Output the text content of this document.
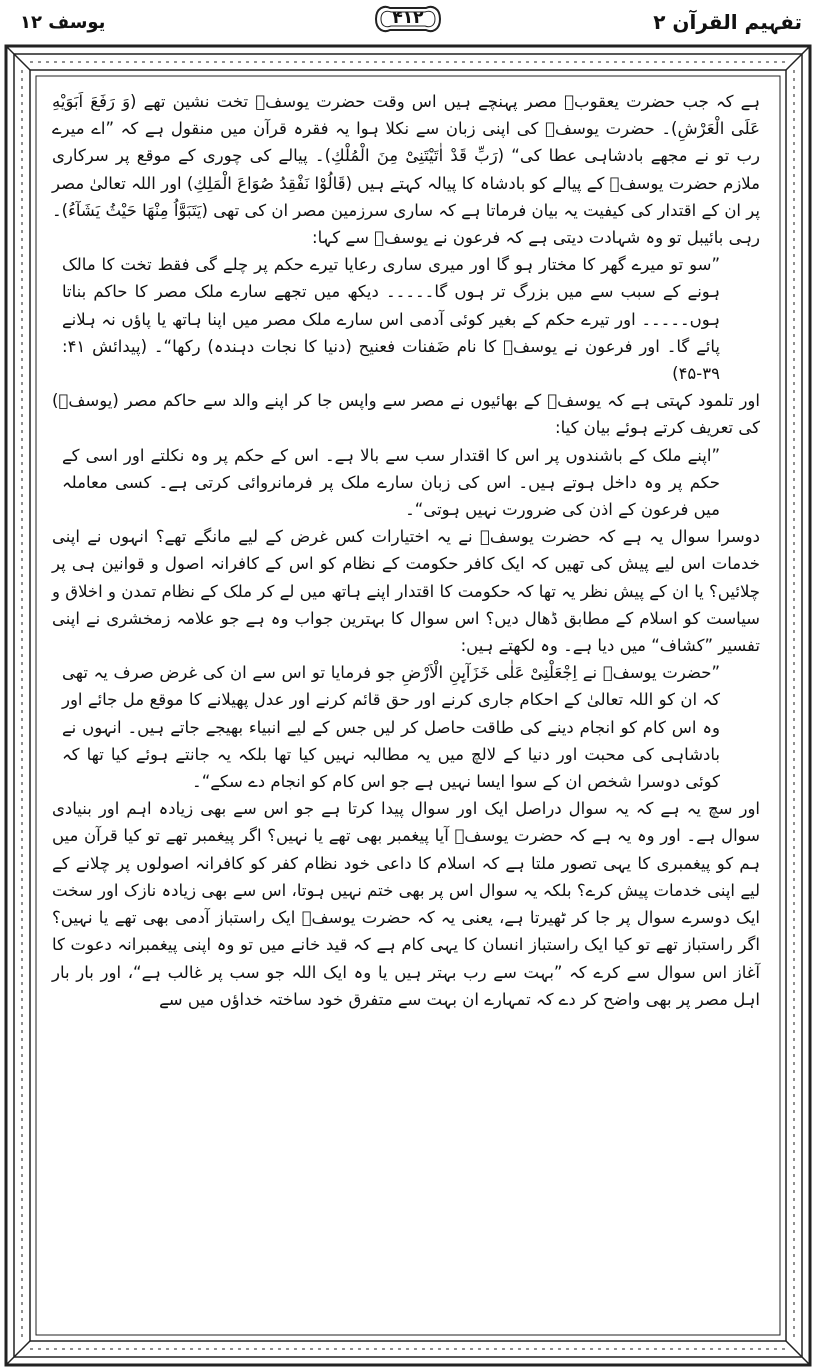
تفہیم القرآن ۲
۴۱۲
یوسف ۱۲

ہے کہ جب حضرت یعقوبؑ مصر پہنچے ہیں اس وقت حضرت یوسفؑ تخت نشین تھے (وَ رَفَعَ اَبَوَیْهِ عَلَى الْعَرْشِ)۔ حضرت یوسفؑ کی اپنی زبان سے نکلا ہوا یہ فقرہ قرآن میں منقول ہے کہ ”اے میرے رب تو نے مجھے بادشاہی عطا کی“ (رَبِّ قَدْ اٰتَیْتَنِیْ مِنَ الْمُلْكِ)۔ پیالے کی چوری کے موقع پر سرکاری ملازم حضرت یوسفؑ کے پیالے کو بادشاہ کا پیالہ کہتے ہیں (قَالُوْا نَفْقِدُ صُوَاعَ الْمَلِكِ) اور اللہ تعالیٰ مصر پر ان کے اقتدار کی کیفیت یہ بیان فرماتا ہے کہ ساری سرزمین مصر ان کی تھی (یَتَبَوَّاُ مِنْهَا حَیْثُ یَشَآءُ)۔ رہی بائیبل تو وہ شہادت دیتی ہے کہ فرعون نے یوسفؑ سے کہا:

”سو تو میرے گھر کا مختار ہو گا اور میری ساری رعایا تیرے حکم پر چلے گی فقط تخت کا مالک ہونے کے سبب سے میں بزرگ تر ہوں گا۔۔۔۔۔ دیکھ میں تجھے سارے ملک مصر کا حاکم بناتا ہوں۔۔۔۔۔ اور تیرے حکم کے بغیر کوئی آدمی اس سارے ملک مصر میں اپنا ہاتھ یا پاؤں نہ ہلانے پائے گا۔ اور فرعون نے یوسفؑ کا نام ضَفنات فعنیح (دنیا کا نجات دہندہ) رکھا“۔ (پیدائش ۴۱: ۳۹-۴۵)

اور تلمود کہتی ہے کہ یوسفؑ کے بھائیوں نے مصر سے واپس جا کر اپنے والد سے حاکم مصر (یوسفؑ) کی تعریف کرتے ہوئے بیان کیا:

”اپنے ملک کے باشندوں پر اس کا اقتدار سب سے بالا ہے۔ اس کے حکم پر وہ نکلتے اور اسی کے حکم پر وہ داخل ہوتے ہیں۔ اس کی زبان سارے ملک پر فرمانروائی کرتی ہے۔ کسی معاملہ میں فرعون کے اذن کی ضرورت نہیں ہوتی“۔

دوسرا سوال یہ ہے کہ حضرت یوسفؑ نے یہ اختیارات کس غرض کے لیے مانگے تھے؟ انہوں نے اپنی خدمات اس لیے پیش کی تھیں کہ ایک کافر حکومت کے نظام کو اس کے کافرانہ اصول و قوانین ہی پر چلائیں؟ یا ان کے پیش نظر یہ تھا کہ حکومت کا اقتدار اپنے ہاتھ میں لے کر ملک کے نظام تمدن و اخلاق و سیاست کو اسلام کے مطابق ڈھال دیں؟ اس سوال کا بہترین جواب وہ ہے جو علامہ زمخشری نے اپنی تفسیر ”کشاف“ میں دیا ہے۔ وہ لکھتے ہیں:

”حضرت یوسفؑ نے اِجْعَلْنِیْ عَلٰی خَزَآىِٕنِ الْاَرْضِ جو فرمایا تو اس سے ان کی غرض صرف یہ تھی کہ ان کو اللہ تعالیٰ کے احکام جاری کرنے اور حق قائم کرنے اور عدل پھیلانے کا موقع مل جائے اور وہ اس کام کو انجام دینے کی طاقت حاصل کر لیں جس کے لیے انبیاء بھیجے جاتے ہیں۔ انہوں نے بادشاہی کی محبت اور دنیا کے لالچ میں یہ مطالبہ نہیں کیا تھا بلکہ یہ جانتے ہوئے کیا تھا کہ کوئی دوسرا شخص ان کے سوا ایسا نہیں ہے جو اس کام کو انجام دے سکے“۔

اور سچ یہ ہے کہ یہ سوال دراصل ایک اور سوال پیدا کرتا ہے جو اس سے بھی زیادہ اہم اور بنیادی سوال ہے۔ اور وہ یہ ہے کہ حضرت یوسفؑ آیا پیغمبر بھی تھے یا نہیں؟ اگر پیغمبر تھے تو کیا قرآن میں ہم کو پیغمبری کا یہی تصور ملتا ہے کہ اسلام کا داعی خود نظام کفر کو کافرانہ اصولوں پر چلانے کے لیے اپنی خدمات پیش کرے؟ بلکہ یہ سوال اس پر بھی ختم نہیں ہوتا، اس سے بھی زیادہ نازک اور سخت ایک دوسرے سوال پر جا کر ٹھیرتا ہے، یعنی یہ کہ حضرت یوسفؑ ایک راستباز آدمی بھی تھے یا نہیں؟ اگر راستباز تھے تو کیا ایک راستباز انسان کا یہی کام ہے کہ قید خانے میں تو وہ اپنی پیغمبرانہ دعوت کا آغاز اس سوال سے کرے کہ ”بہت سے رب بہتر ہیں یا وہ ایک اللہ جو سب پر غالب ہے“، اور بار بار اہل مصر پر بھی واضح کر دے کہ تمہارے ان بہت سے متفرق خود ساختہ خداؤں میں سے
